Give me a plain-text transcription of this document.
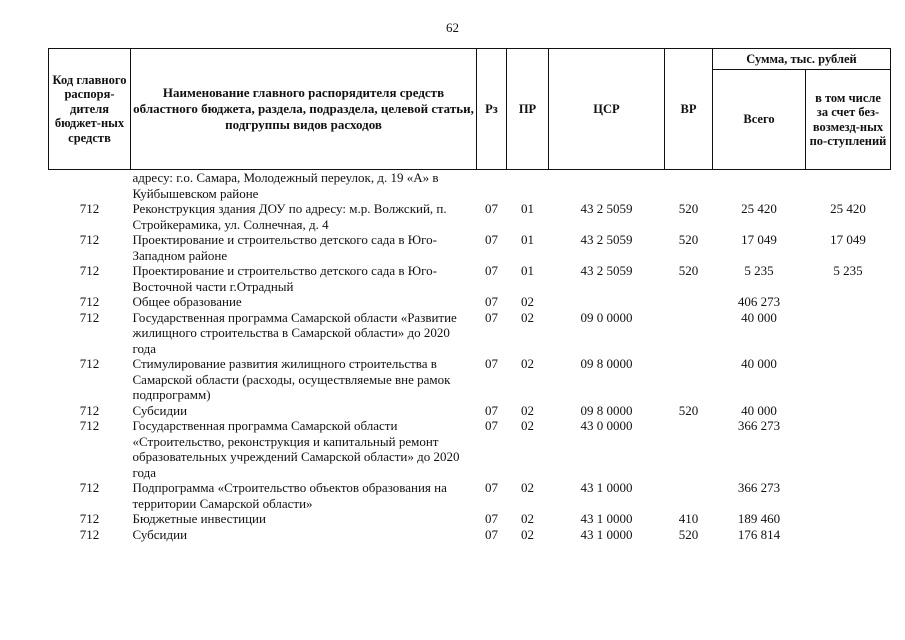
62
Код главного распоря-дителя бюджет-ных средств	Наименование главного распорядителя средств областного бюджета, раздела, подраздела, целевой статьи, подгруппы видов расходов	Рз	ПР	ЦСР	ВР	Сумма, тыс. рублей	
						Всего	в том числе за счет без-возмезд-ных по-ступлений
	адресу: г.о. Самара, Молодежный переулок, д. 19 «А» в Куйбышевском районе						
712	Реконструкция здания ДОУ по адресу: м.р. Волжский, п. Стройкерамика, ул. Солнечная, д. 4	07	01	43 2 5059	520	25 420	25 420
712	Проектирование и строительство детского сада в Юго-Западном районе	07	01	43 2 5059	520	17 049	17 049
712	Проектирование и строительство детского сада в Юго-Восточной части г.Отрадный	07	01	43 2 5059	520	5 235	5 235
712	Общее образование	07	02			406 273	
712	Государственная программа Самарской области «Развитие жилищного строительства в Самарской области» до 2020 года	07	02	09 0 0000		40 000	
712	Стимулирование развития жилищного строительства в Самарской области (расходы, осуществляемые вне рамок подпрограмм)	07	02	09 8 0000		40 000	
712	Субсидии	07	02	09 8 0000	520	40 000	
712	Государственная программа Самарской области «Строительство, реконструкция и капитальный ремонт образовательных учреждений Самарской области» до 2020 года	07	02	43 0 0000		366 273	
712	Подпрограмма «Строительство объектов образования на территории Самарской области»	07	02	43 1 0000		366 273	
712	Бюджетные инвестиции	07	02	43 1 0000	410	189 460	
712	Субсидии	07	02	43 1 0000	520	176 814	
